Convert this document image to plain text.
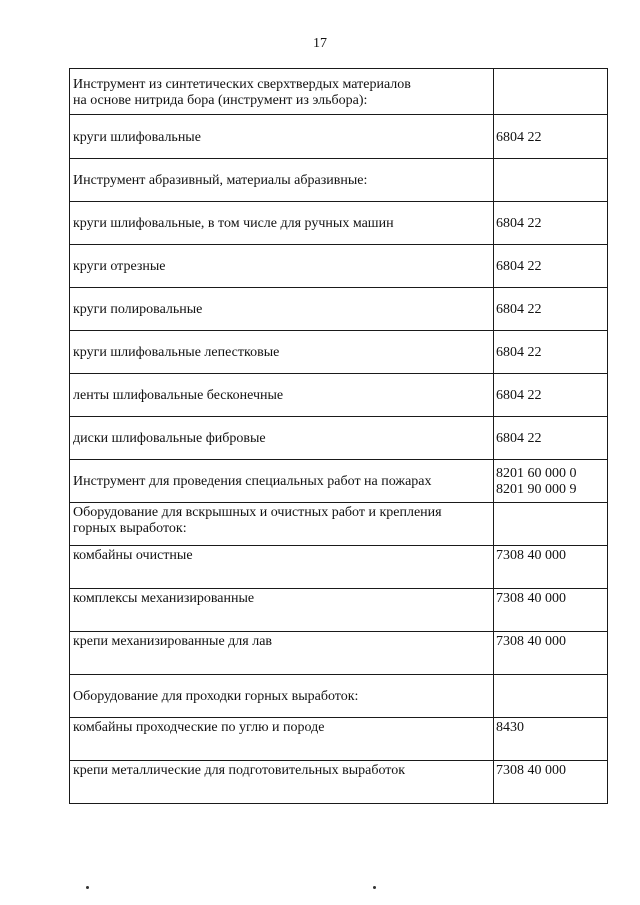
17
Инструмент из синтетических сверхтвердых материалов
на основе нитрида бора (инструмент из эльбора):	

круги шлифовальные	6804 22

Инструмент абразивный, материалы абразивные:	

круги шлифовальные, в том числе для ручных машин	6804 22

круги отрезные	6804 22

круги полировальные	6804 22

круги шлифовальные лепестковые	6804 22

ленты шлифовальные бесконечные	6804 22

диски шлифовальные фибровые	6804 22

Инструмент для проведения специальных работ на пожарах	8201 60 000 0
8201 90 000 9

Оборудование для вскрышных и очистных работ и крепления
горных выработок:	

комбайны очистные	7308 40 000

комплексы механизированные	7308 40 000

крепи механизированные для лав	7308 40 000

Оборудование для проходки горных выработок:	

комбайны проходческие по углю и породе	8430

крепи металлические для подготовительных выработок	7308 40 000
